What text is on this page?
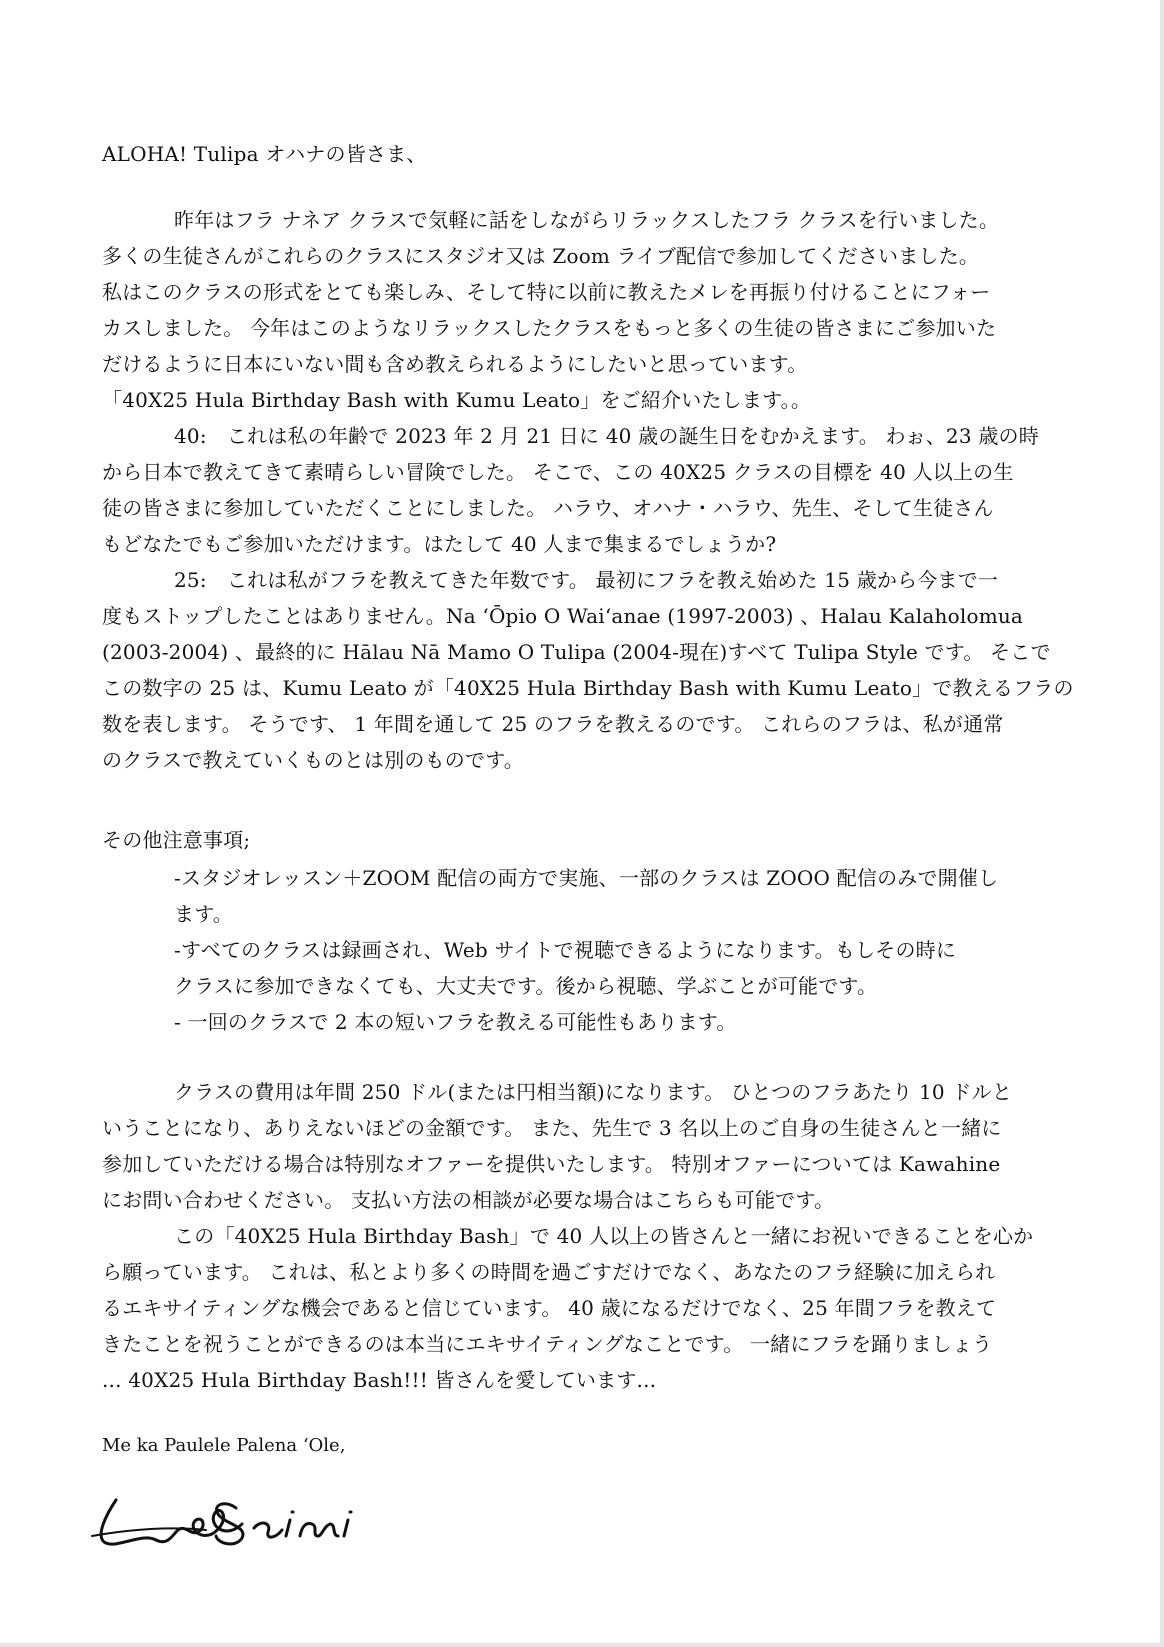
ALOHA! Tulipa オハナの皆さま、
昨年はフラ ナネア クラスで気軽に話をしながらリラックスしたフラ クラスを行いました。
多くの生徒さんがこれらのクラスにスタジオ又は Zoom ライブ配信で参加してくださいました。
私はこのクラスの形式をとても楽しみ、そして特に以前に教えたメレを再振り付けることにフォー
カスしました。 今年はこのようなリラックスしたクラスをもっと多くの生徒の皆さまにご参加いた
だけるように日本にいない間も含め教えられるようにしたいと思っています。
「40X25 Hula Birthday Bash with Kumu Leato」をご紹介いたします。。
40:　これは私の年齢で 2023 年 2 月 21 日に 40 歳の誕生日をむかえます。 わぉ、23 歳の時
から日本で教えてきて素晴らしい冒険でした。 そこで、この 40X25 クラスの目標を 40 人以上の生
徒の皆さまに参加していただくことにしました。 ハラウ、オハナ・ハラウ、先生、そして生徒さん
もどなたでもご参加いただけます。はたして 40 人まで集まるでしょうか?
25:　これは私がフラを教えてきた年数です。 最初にフラを教え始めた 15 歳から今まで一
度もストップしたことはありません。Na ʻŌpio O Waiʻanae (1997-2003) 、Halau Kalaholomua
(2003-2004) 、最終的に Hālau Nā Mamo O Tulipa (2004-現在)すべて Tulipa Style です。 そこで
この数字の 25 は、Kumu Leato が「40X25 Hula Birthday Bash with Kumu Leato」で教えるフラの
数を表します。 そうです、 1 年間を通して 25 のフラを教えるのです。 これらのフラは、私が通常
のクラスで教えていくものとは別のものです。
その他注意事項;
-スタジオレッスン＋ZOOM 配信の両方で実施、一部のクラスは ZOOO 配信のみで開催し
ます。
-すべてのクラスは録画され、Web サイトで視聴できるようになります。もしその時に
クラスに参加できなくても、大丈夫です。後から視聴、学ぶことが可能です。
- 一回のクラスで 2 本の短いフラを教える可能性もあります。
クラスの費用は年間 250 ドル(または円相当額)になります。 ひとつのフラあたり 10 ドルと
いうことになり、ありえないほどの金額です。 また、先生で 3 名以上のご自身の生徒さんと一緒に
参加していただける場合は特別なオファーを提供いたします。 特別オファーについては Kawahine
にお問い合わせください。 支払い方法の相談が必要な場合はこちらも可能です。
この「40X25 Hula Birthday Bash」で 40 人以上の皆さんと一緒にお祝いできることを心か
ら願っています。 これは、私とより多くの時間を過ごすだけでなく、あなたのフラ経験に加えられ
るエキサイティングな機会であると信じています。 40 歳になるだけでなく、25 年間フラを教えて
きたことを祝うことができるのは本当にエキサイティングなことです。 一緒にフラを踊りましょう
... 40X25 Hula Birthday Bash!!! 皆さんを愛しています...
Me ka Paulele Palena ʻOle,
